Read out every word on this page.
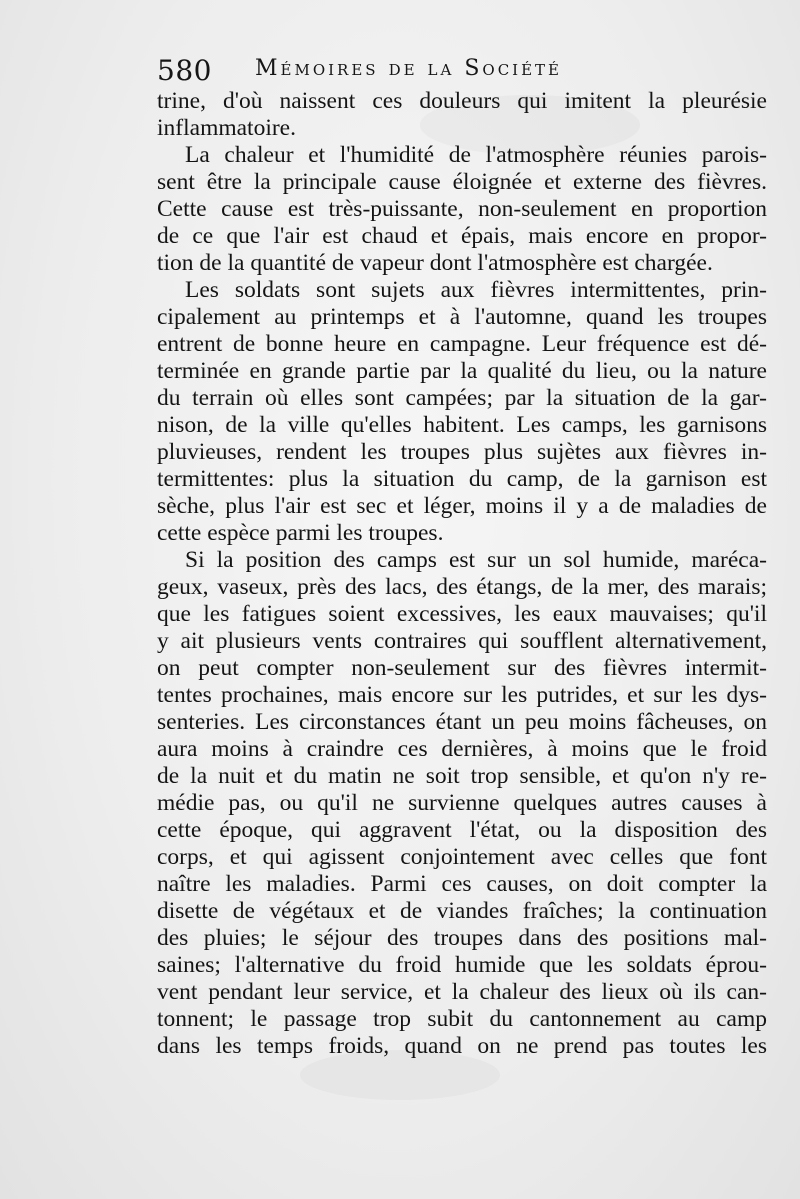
580 Mémoires de la Société
trine, d'où naissent ces douleurs qui imitent la pleurésie
inflammatoire.
La chaleur et l'humidité de l'atmosphère réunies parois-
sent être la principale cause éloignée et externe des fièvres.
Cette cause est très-puissante, non-seulement en proportion
de ce que l'air est chaud et épais, mais encore en propor-
tion de la quantité de vapeur dont l'atmosphère est chargée.
Les soldats sont sujets aux fièvres intermittentes, prin-
cipalement au printemps et à l'automne, quand les troupes
entrent de bonne heure en campagne. Leur fréquence est dé-
terminée en grande partie par la qualité du lieu, ou la nature
du terrain où elles sont campées; par la situation de la gar-
nison, de la ville qu'elles habitent. Les camps, les garnisons
pluvieuses, rendent les troupes plus sujètes aux fièvres in-
termittentes: plus la situation du camp, de la garnison est
sèche, plus l'air est sec et léger, moins il y a de maladies de
cette espèce parmi les troupes.
Si la position des camps est sur un sol humide, maréca-
geux, vaseux, près des lacs, des étangs, de la mer, des marais;
que les fatigues soient excessives, les eaux mauvaises; qu'il
y ait plusieurs vents contraires qui soufflent alternativement,
on peut compter non-seulement sur des fièvres intermit-
tentes prochaines, mais encore sur les putrides, et sur les dys-
senteries. Les circonstances étant un peu moins fâcheuses, on
aura moins à craindre ces dernières, à moins que le froid
de la nuit et du matin ne soit trop sensible, et qu'on n'y re-
médie pas, ou qu'il ne survienne quelques autres causes à
cette époque, qui aggravent l'état, ou la disposition des
corps, et qui agissent conjointement avec celles que font
naître les maladies. Parmi ces causes, on doit compter la
disette de végétaux et de viandes fraîches; la continuation
des pluies; le séjour des troupes dans des positions mal-
saines; l'alternative du froid humide que les soldats éprou-
vent pendant leur service, et la chaleur des lieux où ils can-
tonnent; le passage trop subit du cantonnement au camp
dans les temps froids, quand on ne prend pas toutes les
